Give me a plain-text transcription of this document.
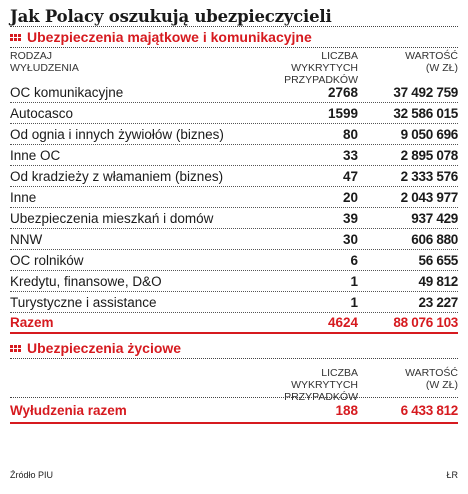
Jak Polacy oszukują ubezpieczycieli
Ubezpieczenia majątkowe i komunikacyjne
RODZAJ
WYŁUDZENIA
LICZBA WYKRYTYCH
PRZYPADKÓW
WARTOŚĆ
(W ZŁ)
OC komunikacyjne	2768	37 492 759
Autocasco	1599	32 586 015
Od ognia i innych żywiołów (biznes)	80	9 050 696
Inne OC	33	2 895 078
Od kradzieży z włamaniem (biznes)	47	2 333 576
Inne	20	2 043 977
Ubezpieczenia mieszkań i domów	39	937 429
NNW	30	606 880
OC rolników	6	56 655
Kredytu, finansowe, D&O	1	49 812
Turystyczne i assistance	1	23 227
Razem	4624	88 076 103
Ubezpieczenia życiowe
LICZBA WYKRYTYCH
PRZYPADKÓW
WARTOŚĆ
(W ZŁ)
Wyłudzenia razem	188	6 433 812
Źródło PIU	ŁR
